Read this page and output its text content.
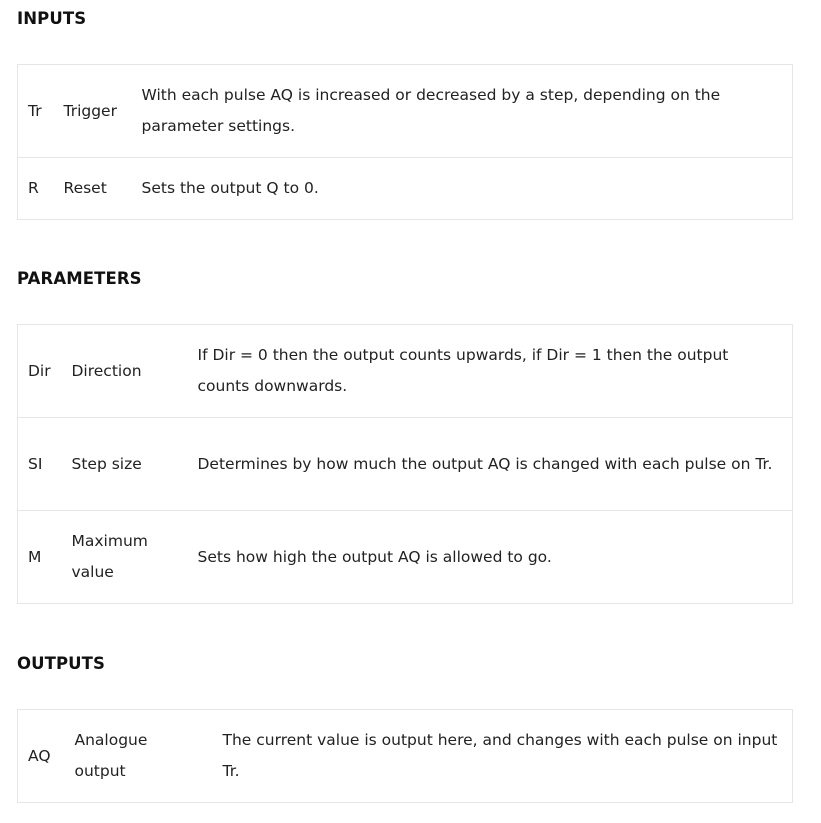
INPUTS
Tr	Trigger	With each pulse AQ is increased or decreased by a step, depending on the parameter settings.
R	Reset	Sets the output Q to 0.
PARAMETERS
Dir	Direction	If Dir = 0 then the output counts upwards, if Dir = 1 then the output counts downwards.
SI	Step size	Determines by how much the output AQ is changed with each pulse on Tr.
M	Maximum value	Sets how high the output AQ is allowed to go.
OUTPUTS
AQ	Analogue output	The current value is output here, and changes with each pulse on input Tr.
